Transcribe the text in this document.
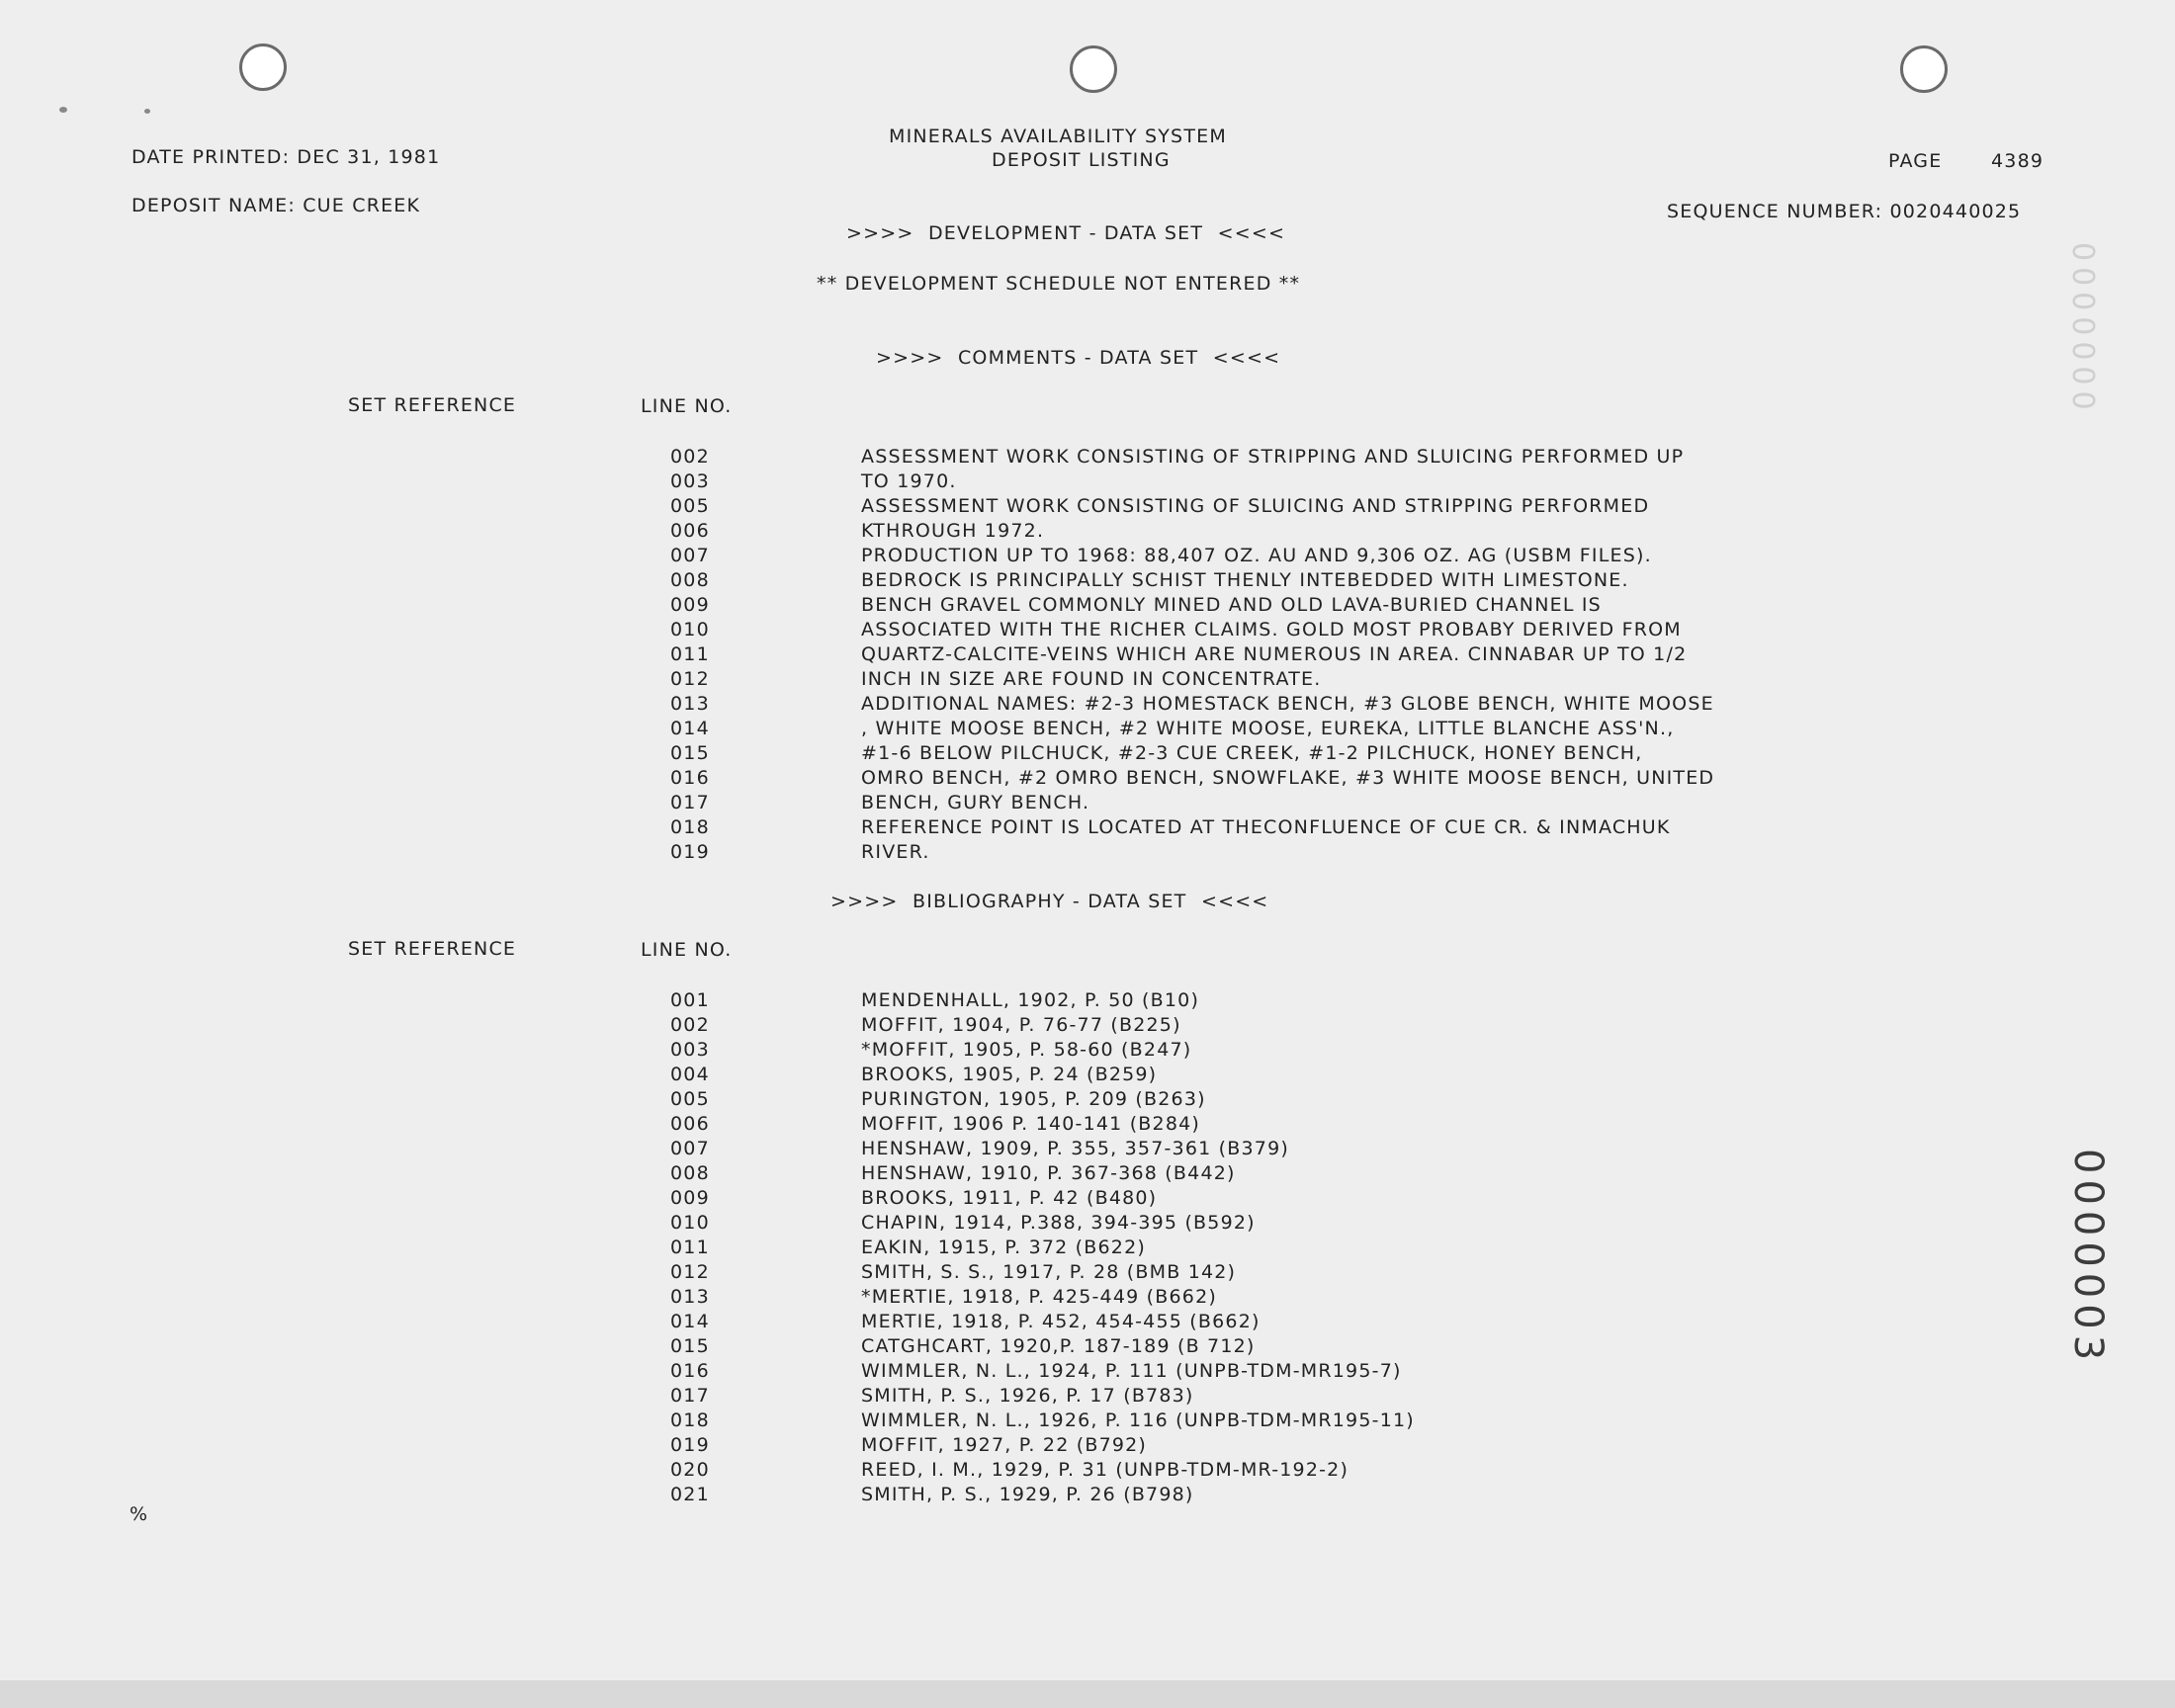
DATE PRINTED: DEC 31, 1981
DEPOSIT NAME: CUE CREEK
MINERALS AVAILABILITY SYSTEM
DEPOSIT LISTING	PAGE	4389
SEQUENCE NUMBER: 0020440025
>>>>  DEVELOPMENT - DATA SET  <<<<
** DEVELOPMENT SCHEDULE NOT ENTERED **
>>>>  COMMENTS - DATA SET  <<<<
SET REFERENCE	LINE NO.
002	ASSESSMENT WORK CONSISTING OF STRIPPING AND SLUICING PERFORMED UP
003	TO 1970.
005	ASSESSMENT WORK CONSISTING OF SLUICING AND STRIPPING PERFORMED
006	KTHROUGH 1972.
007	PRODUCTION UP TO 1968: 88,407 OZ. AU AND 9,306 OZ. AG (USBM FILES).
008	BEDROCK IS PRINCIPALLY SCHIST THENLY INTEBEDDED WITH LIMESTONE.
009	BENCH GRAVEL COMMONLY MINED AND OLD LAVA-BURIED CHANNEL IS
010	ASSOCIATED WITH THE RICHER CLAIMS. GOLD MOST PROBABY DERIVED FROM
011	QUARTZ-CALCITE-VEINS WHICH ARE NUMEROUS IN AREA. CINNABAR UP TO 1/2
012	INCH IN SIZE ARE FOUND IN CONCENTRATE.
013	ADDITIONAL NAMES: #2-3 HOMESTACK BENCH, #3 GLOBE BENCH, WHITE MOOSE
014	, WHITE MOOSE BENCH, #2 WHITE MOOSE, EUREKA, LITTLE BLANCHE ASS'N.,
015	#1-6 BELOW PILCHUCK, #2-3 CUE CREEK, #1-2 PILCHUCK, HONEY BENCH,
016	OMRO BENCH, #2 OMRO BENCH, SNOWFLAKE, #3 WHITE MOOSE BENCH, UNITED
017	BENCH, GURY BENCH.
018	REFERENCE POINT IS LOCATED AT THECONFLUENCE OF CUE CR. & INMACHUK
019	RIVER.
>>>>  BIBLIOGRAPHY - DATA SET  <<<<
SET REFERENCE	LINE NO.
001	MENDENHALL, 1902, P. 50 (B10)
002	MOFFIT, 1904, P. 76-77 (B225)
003	*MOFFIT, 1905, P. 58-60 (B247)
004	BROOKS, 1905, P. 24 (B259)
005	PURINGTON, 1905, P. 209 (B263)
006	MOFFIT, 1906 P. 140-141 (B284)
007	HENSHAW, 1909, P. 355, 357-361 (B379)
008	HENSHAW, 1910, P. 367-368 (B442)
009	BROOKS, 1911, P. 42 (B480)
010	CHAPIN, 1914, P.388, 394-395 (B592)
011	EAKIN, 1915, P. 372 (B622)
012	SMITH, S. S., 1917, P. 28 (BMB 142)
013	*MERTIE, 1918, P. 425-449 (B662)
014	MERTIE, 1918, P. 452, 454-455 (B662)
015	CATGHCART, 1920,P. 187-189 (B 712)
016	WIMMLER, N. L., 1924, P. 111 (UNPB-TDM-MR195-7)
017	SMITH, P. S., 1926, P. 17 (B783)
018	WIMMLER, N. L., 1926, P. 116 (UNPB-TDM-MR195-11)
019	MOFFIT, 1927, P. 22 (B792)
020	REED, I. M., 1929, P. 31 (UNPB-TDM-MR-192-2)
021	SMITH, P. S., 1929, P. 26 (B798)
%
0000003
0000000
